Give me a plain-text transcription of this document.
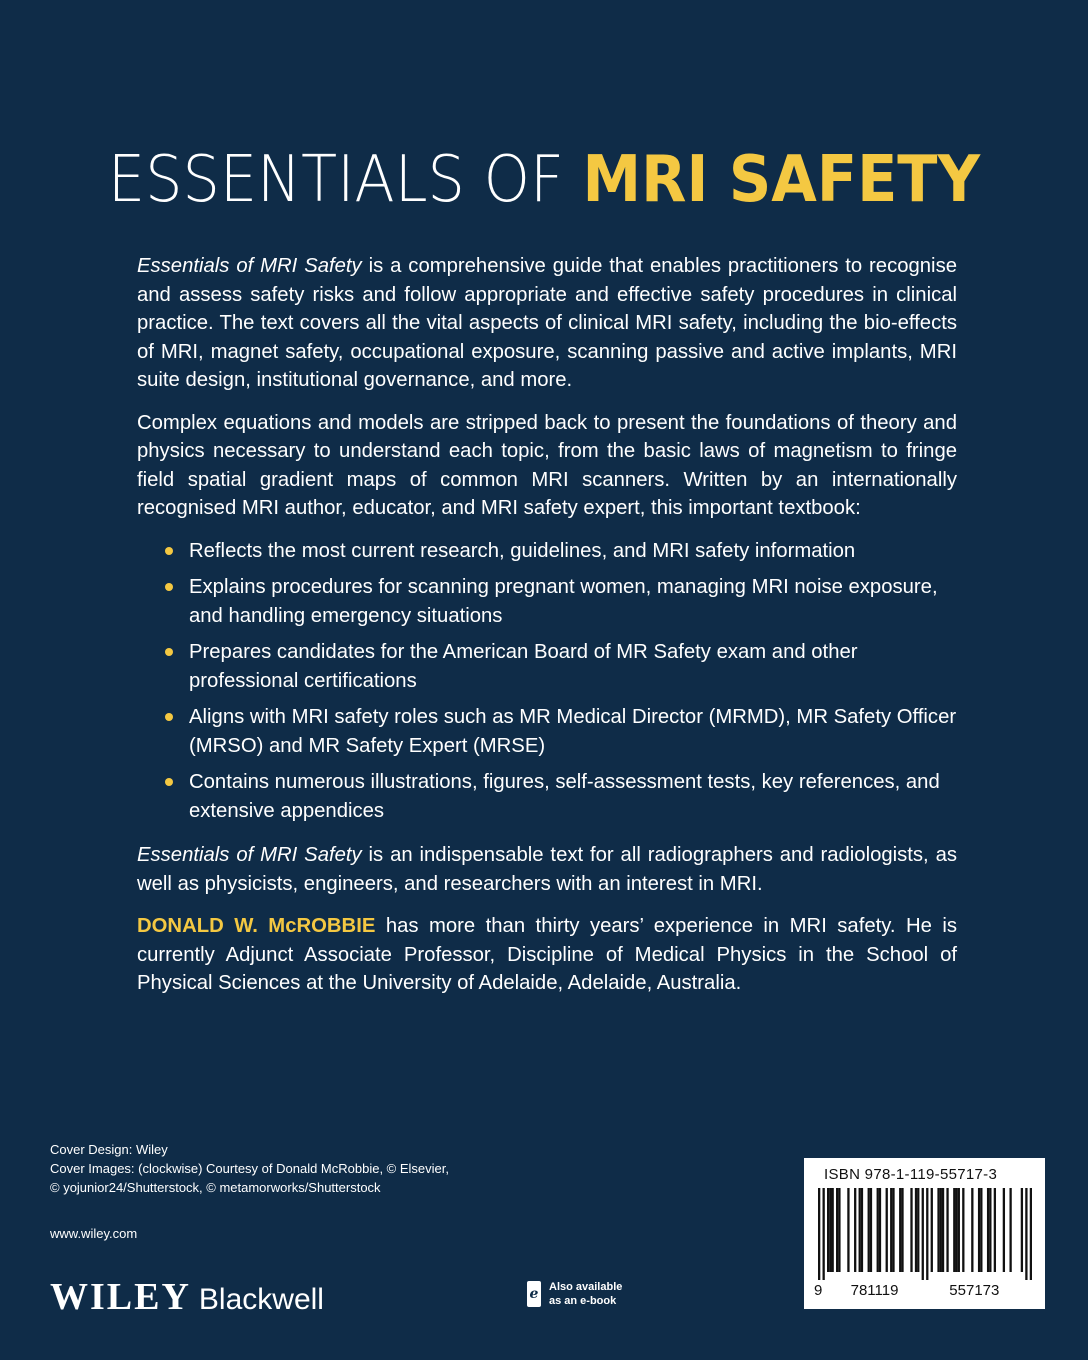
ESSENTIALS OF MRI SAFETY

Essentials of MRI Safety is a comprehensive guide that enables practitioners to recognise and assess safety risks and follow appropriate and effective safety procedures in clinical practice. The text covers all the vital aspects of clinical MRI safety, including the bio-effects of MRI, magnet safety, occupational exposure, scanning passive and active implants, MRI suite design, institutional governance, and more.

Complex equations and models are stripped back to present the foundations of theory and physics necessary to understand each topic, from the basic laws of magnetism to fringe field spatial gradient maps of common MRI scanners. Written by an internationally recognised MRI author, educator, and MRI safety expert, this important textbook:

Reflects the most current research, guidelines, and MRI safety information
Explains procedures for scanning pregnant women, managing MRI noise exposure, and handling emergency situations
Prepares candidates for the American Board of MR Safety exam and other professional certifications
Aligns with MRI safety roles such as MR Medical Director (MRMD), MR Safety Officer (MRSO) and MR Safety Expert (MRSE)
Contains numerous illustrations, figures, self-assessment tests, key references, and extensive appendices

Essentials of MRI Safety is an indispensable text for all radiographers and radiologists, as well as physicists, engineers, and researchers with an interest in MRI.

DONALD W. McROBBIE has more than thirty years’ experience in MRI safety. He is currently Adjunct Associate Professor, Discipline of Medical Physics in the School of Physical Sciences at the University of Adelaide, Adelaide, Australia.

Cover Design: Wiley
Cover Images: (clockwise) Courtesy of Donald McRobbie, © Elsevier,
© yojunior24/Shutterstock, © metamorworks/Shutterstock
www.wiley.com
WILEY Blackwell	e Also available
as an e-book
ISBN 978-1-119-55717-3
9	781119	557173
